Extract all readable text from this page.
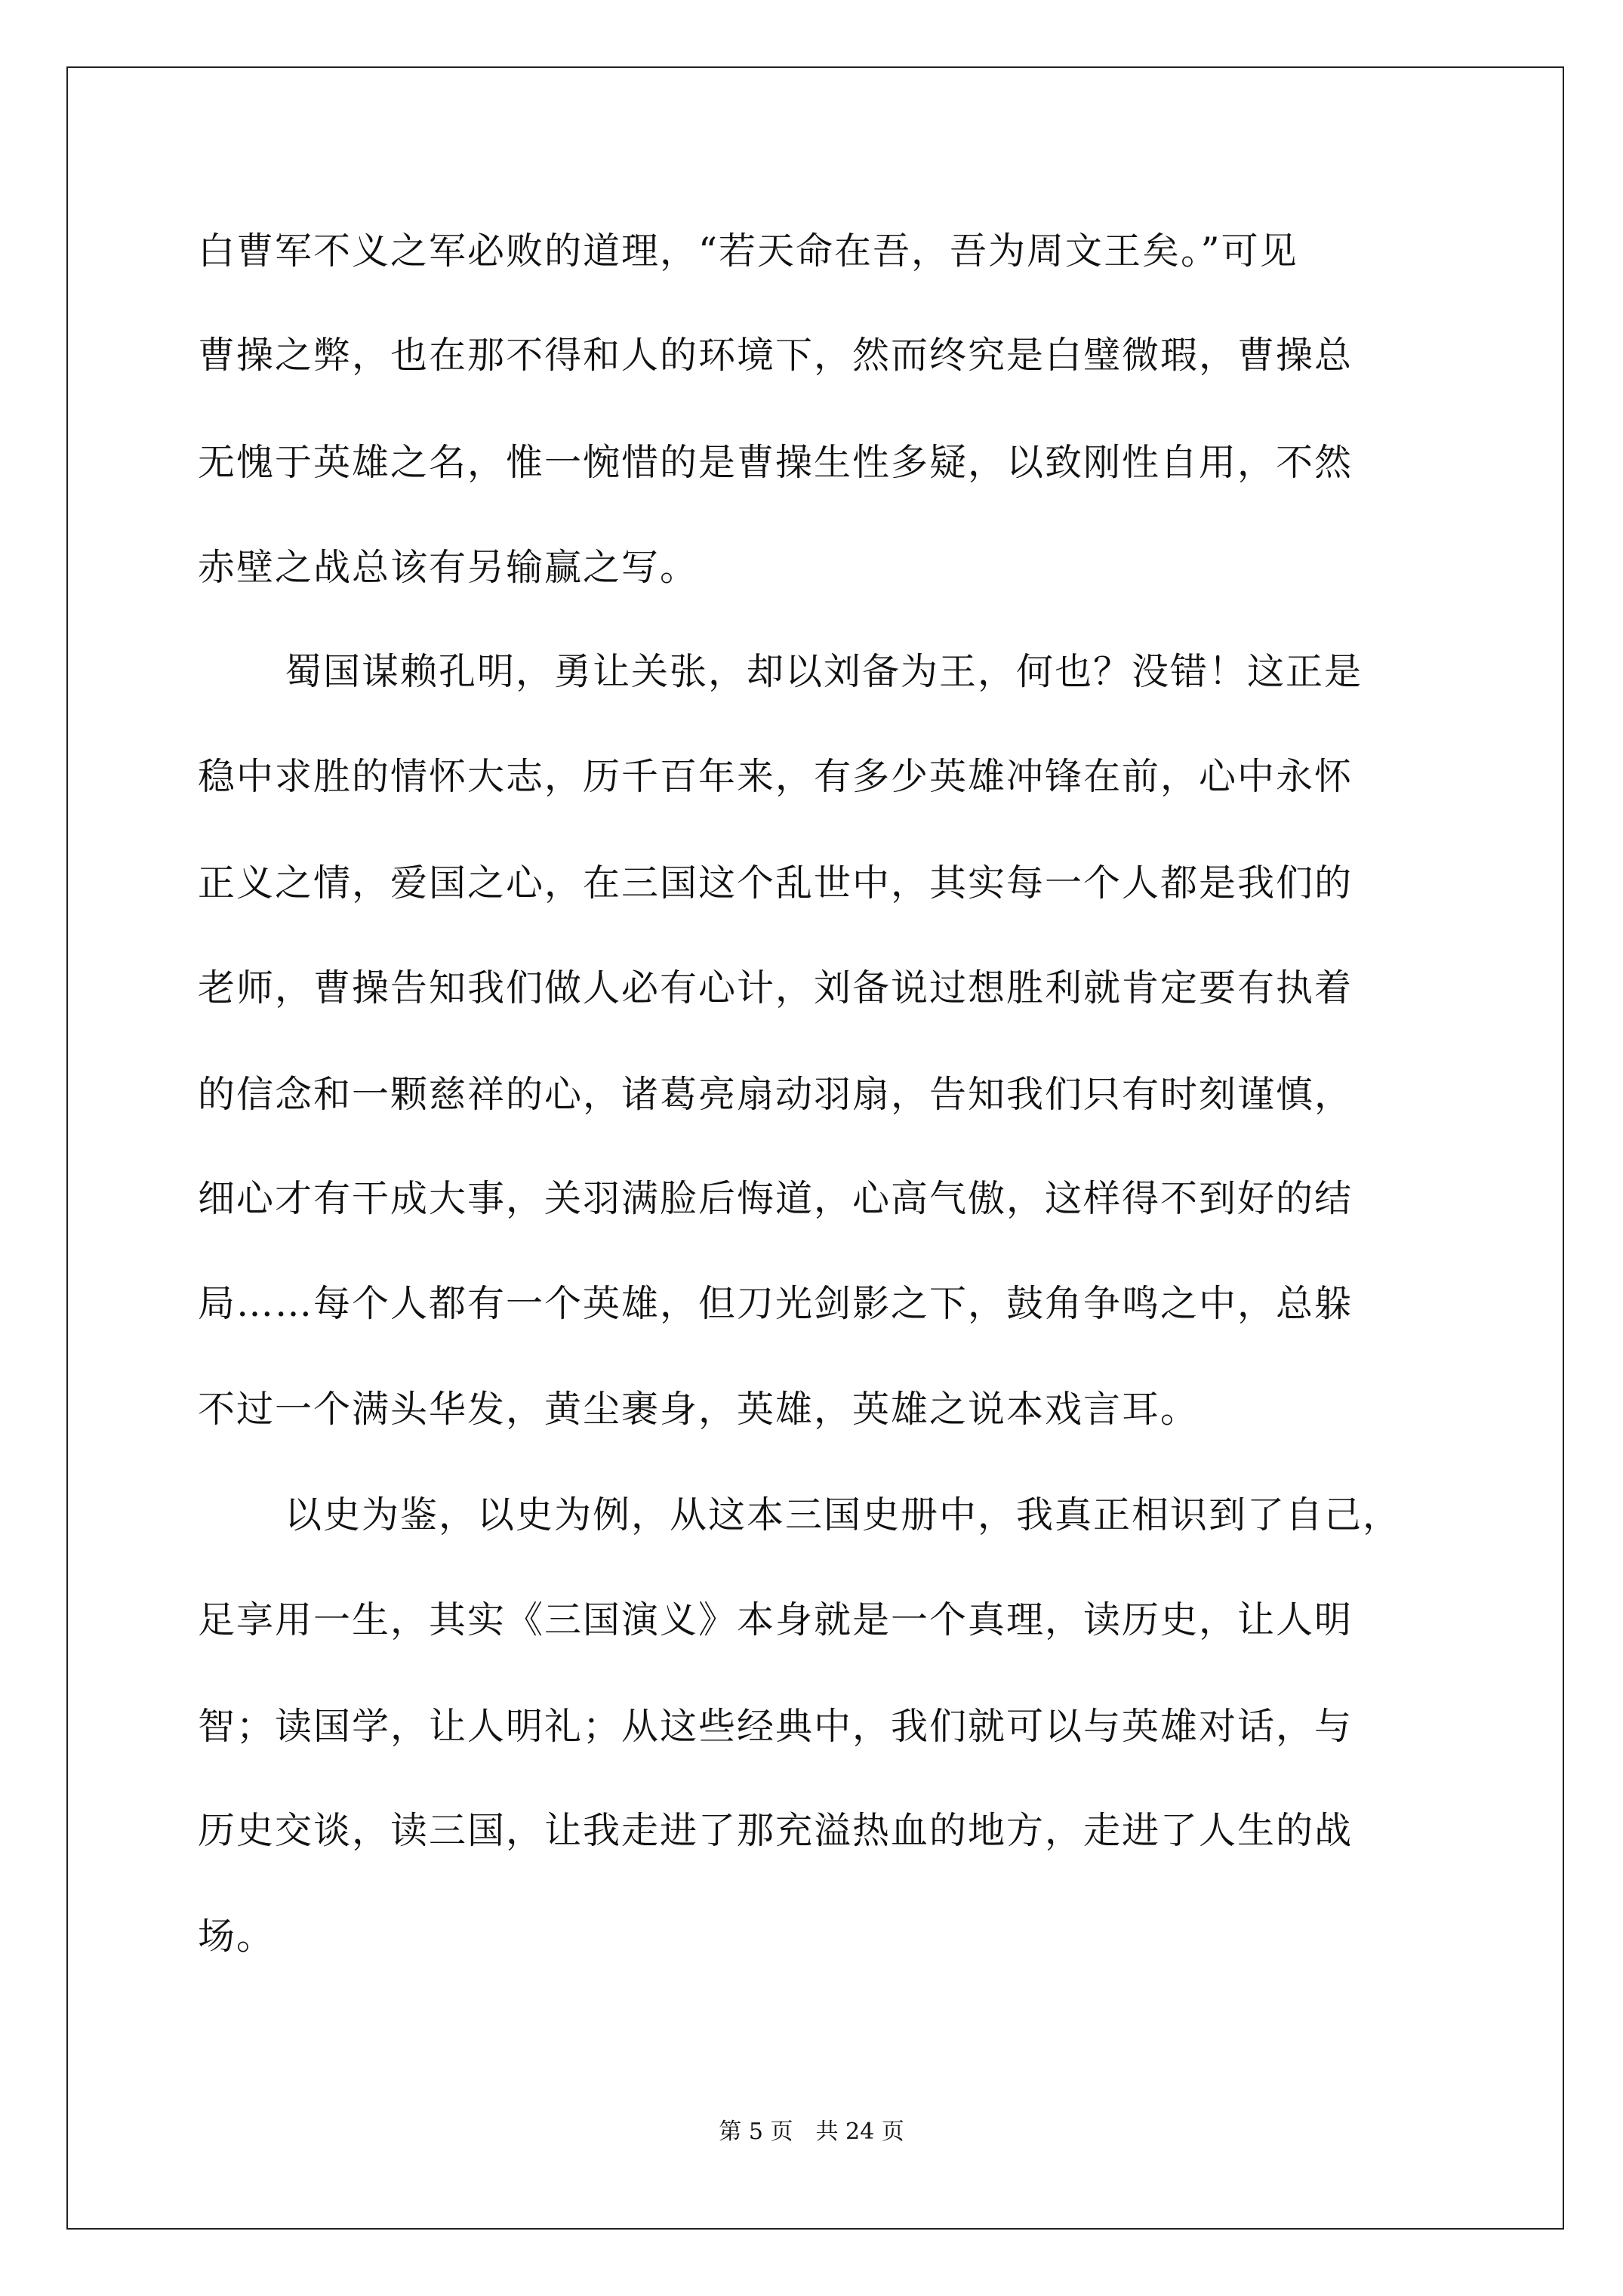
白曹军不义之军必败的道理，“若天命在吾，吾为周文王矣。”可见
曹操之弊，也在那不得和人的环境下，然而终究是白璧微瑕，曹操总
无愧于英雄之名，惟一惋惜的是曹操生性多疑，以致刚性自用，不然
赤壁之战总该有另输赢之写。
蜀国谋赖孔明，勇让关张，却以刘备为王，何也？没错！这正是
稳中求胜的情怀大志，历千百年来，有多少英雄冲锋在前，心中永怀
正义之情，爱国之心，在三国这个乱世中，其实每一个人都是我们的
老师，曹操告知我们做人必有心计，刘备说过想胜利就肯定要有执着
的信念和一颗慈祥的心，诸葛亮扇动羽扇，告知我们只有时刻谨慎，
细心才有干成大事，关羽满脸后悔道，心高气傲，这样得不到好的结
局……每个人都有一个英雄，但刀光剑影之下，鼓角争鸣之中，总躲
不过一个满头华发，黄尘裹身，英雄，英雄之说本戏言耳。
以史为鉴，以史为例，从这本三国史册中，我真正相识到了自己，
足享用一生，其实《三国演义》本身就是一个真理，读历史，让人明
智；读国学，让人明礼；从这些经典中，我们就可以与英雄对话，与
历史交谈，读三国，让我走进了那充溢热血的地方，走进了人生的战
场。
第 5 页　共 24 页
